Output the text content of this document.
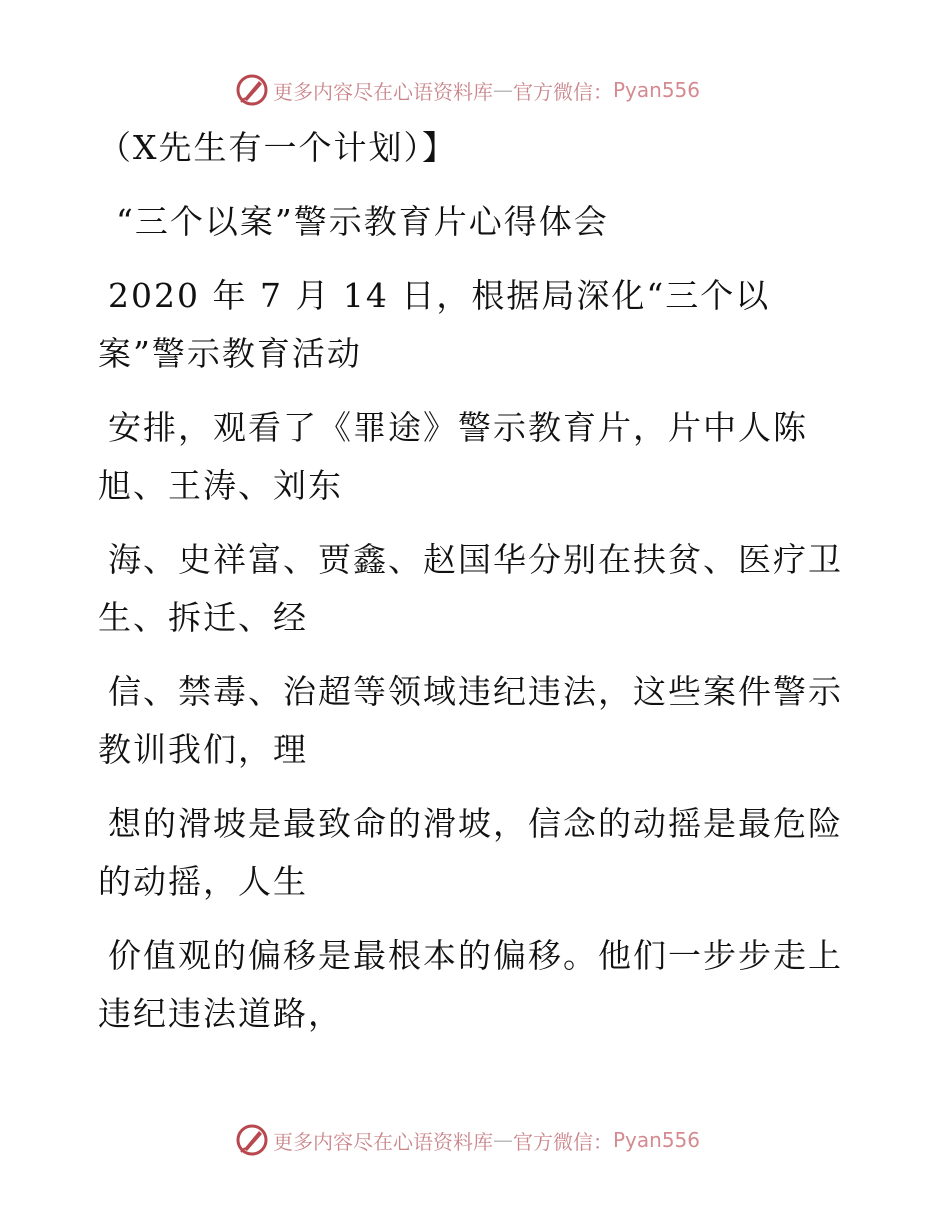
更多内容尽在心语资料库 — 官方微信： Pyan556
（X先生有一个计划）】
“三个以案”警示教育片心得体会
2020 年 7 月 14 日，根据局深化“三个以
案”警示教育活动
安排，观看了《罪途》警示教育片，片中人陈
旭、王涛、刘东
海、史祥富、贾鑫、赵国华分别在扶贫、医疗卫
生、拆迁、经
信、禁毒、治超等领域违纪违法，这些案件警示
教训我们，理
想的滑坡是最致命的滑坡，信念的动摇是最危险
的动摇，人生
价值观的偏移是最根本的偏移。他们一步步走上
违纪违法道路，
更多内容尽在心语资料库 — 官方微信： Pyan556
